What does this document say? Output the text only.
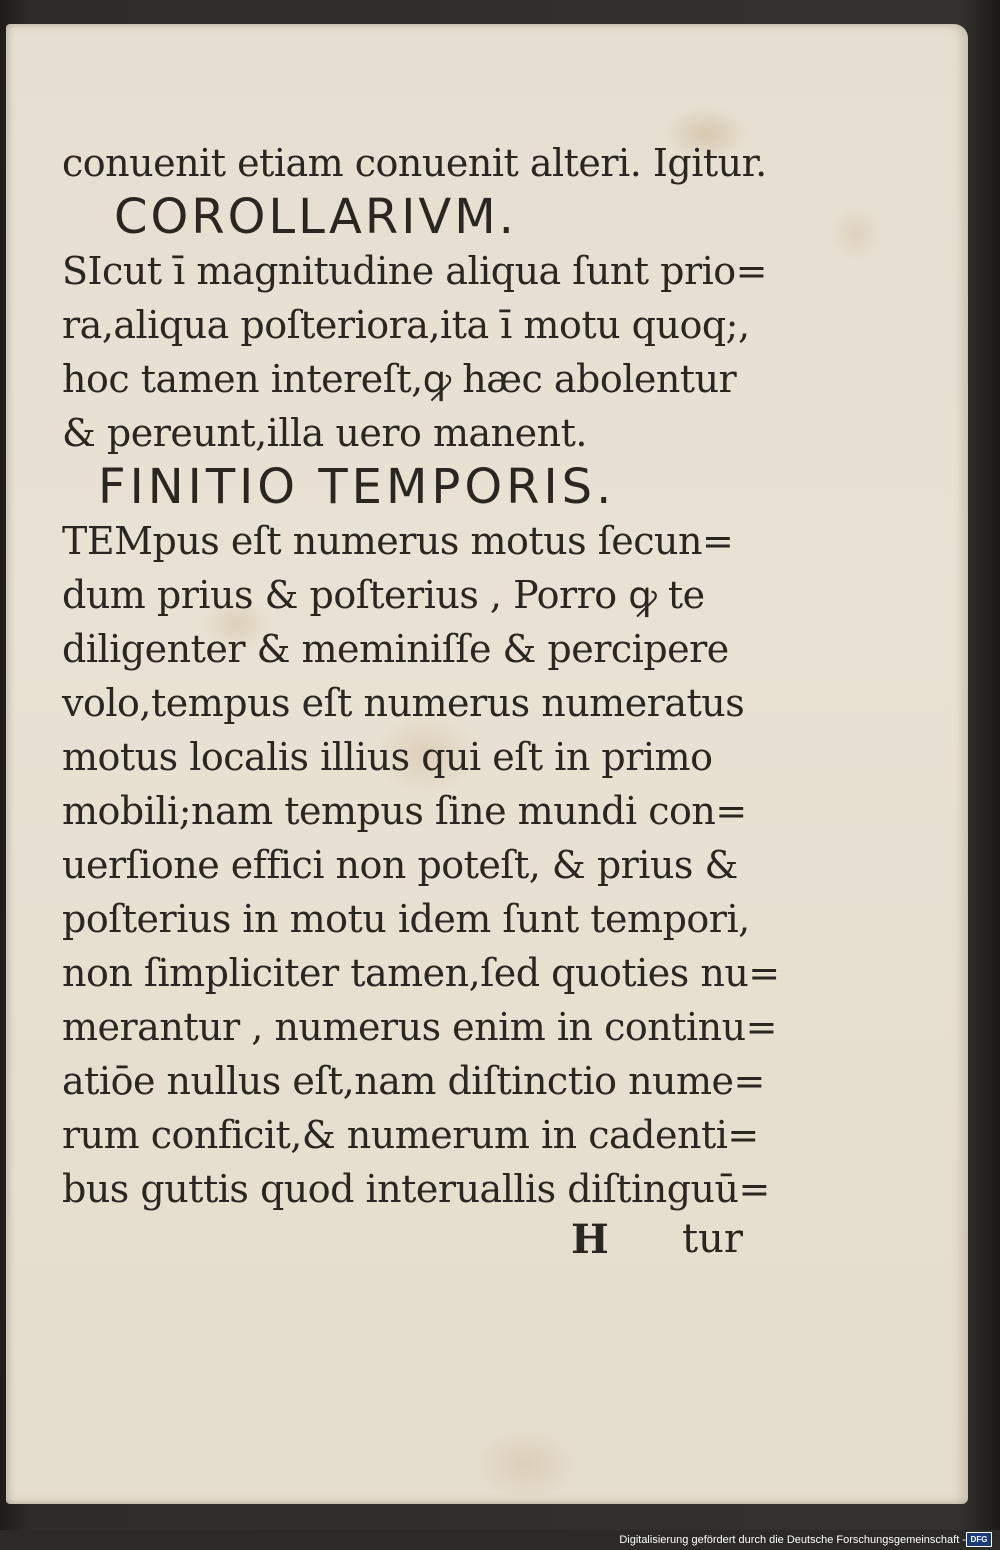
conuenit etiam conuenit alteri. Igitur.
COROLLARIVM.
SIcut ī magnitudine aliqua ſunt prio=
ra,aliqua poſteriora,ita ī motu quoq;,
hoc tamen intereſt,ꝙ hæc abolentur
& pereunt,illa uero manent.
FINITIO TEMPORIS.
TEMpus eſt numerus motus ſecun=
dum prius & poſterius , Porro ꝙ te
diligenter & meminiſſe & percipere
volo,tempus eſt numerus numeratus
motus localis illius qui eſt in primo
mobili;nam tempus ſine mundi con=
uerſione effici non poteſt, & prius &
poſterius in motu idem ſunt tempori,
non ſimpliciter tamen,ſed quoties nu=
merantur , numerus enim in continu=
atiōe nullus eſt,nam diſtinctio nume=
rum conficit,& numerum in cadenti=
bus guttis quod interuallis diſtinguū=
H tur
Digitalisierung gefördert durch die Deutsche Forschungsgemeinschaft - DFG
